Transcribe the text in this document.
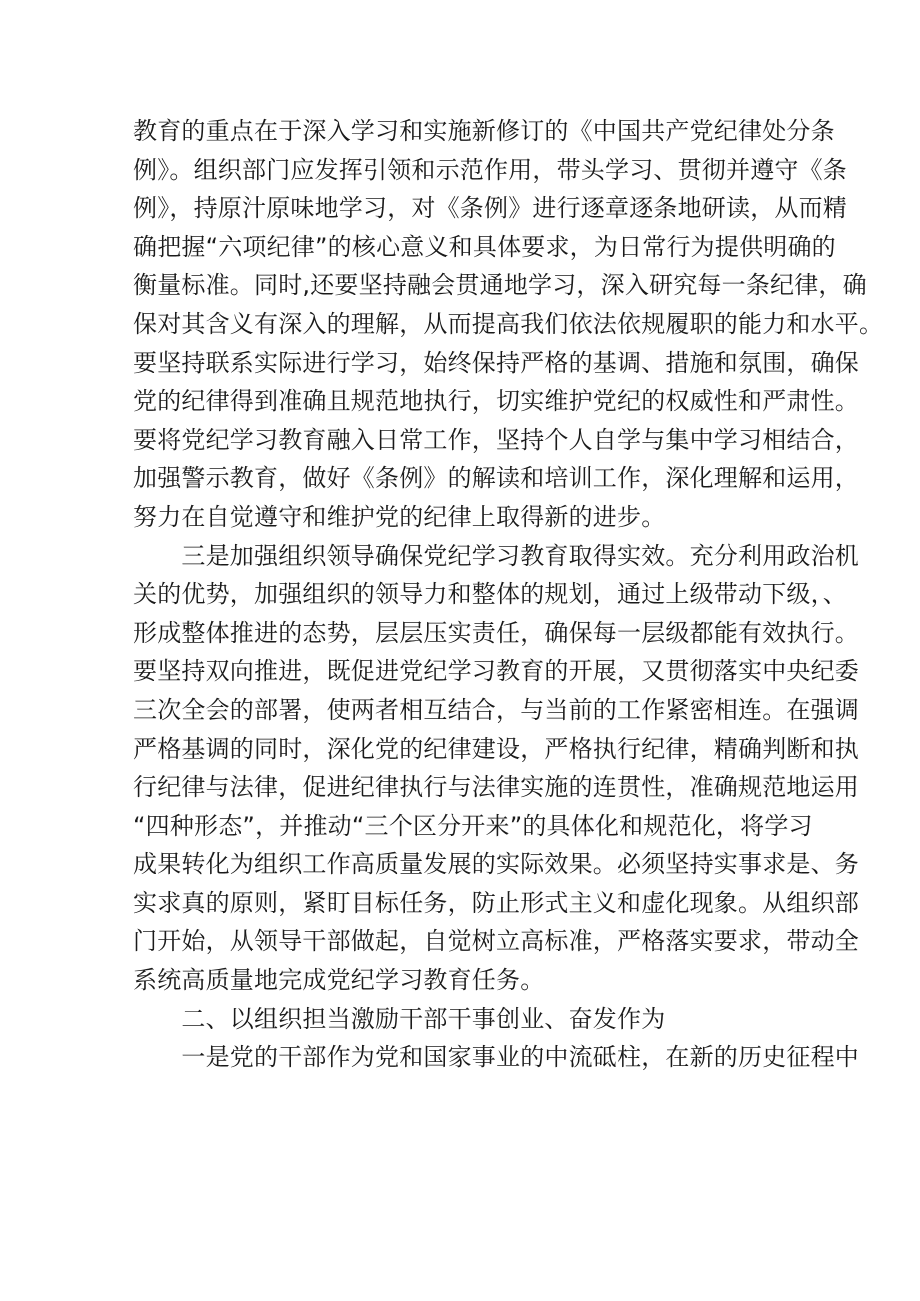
教育的重点在于深入学习和实施新修订的《中国共产党纪律处分条
例》。组织部门应发挥引领和示范作用，带头学习、贯彻并遵守《条
例》，持原汁原味地学习，对《条例》进行逐章逐条地研读，从而精
确把握“六项纪律”的核心意义和具体要求，为日常行为提供明确的
衡量标准。同时,还要坚持融会贯通地学习，深入研究每一条纪律，确
保对其含义有深入的理解，从而提高我们依法依规履职的能力和水平。
要坚持联系实际进行学习，始终保持严格的基调、措施和氛围，确保
党的纪律得到准确且规范地执行，切实维护党纪的权威性和严肃性。
要将党纪学习教育融入日常工作，坚持个人自学与集中学习相结合，
加强警示教育，做好《条例》的解读和培训工作，深化理解和运用，
努力在自觉遵守和维护党的纪律上取得新的进步。
　　三是加强组织领导确保党纪学习教育取得实效。充分利用政治机
关的优势，加强组织的领导力和整体的规划，通过上级带动下级，、
形成整体推进的态势，层层压实责任，确保每一层级都能有效执行。
要坚持双向推进，既促进党纪学习教育的开展，又贯彻落实中央纪委
三次全会的部署，使两者相互结合，与当前的工作紧密相连。在强调
严格基调的同时，深化党的纪律建设，严格执行纪律，精确判断和执
行纪律与法律，促进纪律执行与法律实施的连贯性，准确规范地运用
“四种形态”，并推动“三个区分开来”的具体化和规范化，将学习
成果转化为组织工作高质量发展的实际效果。必须坚持实事求是、务
实求真的原则，紧盯目标任务，防止形式主义和虚化现象。从组织部
门开始，从领导干部做起，自觉树立高标准，严格落实要求，带动全
系统高质量地完成党纪学习教育任务。
　　二、以组织担当激励干部干事创业、奋发作为
　　一是党的干部作为党和国家事业的中流砥柱，在新的历史征程中
